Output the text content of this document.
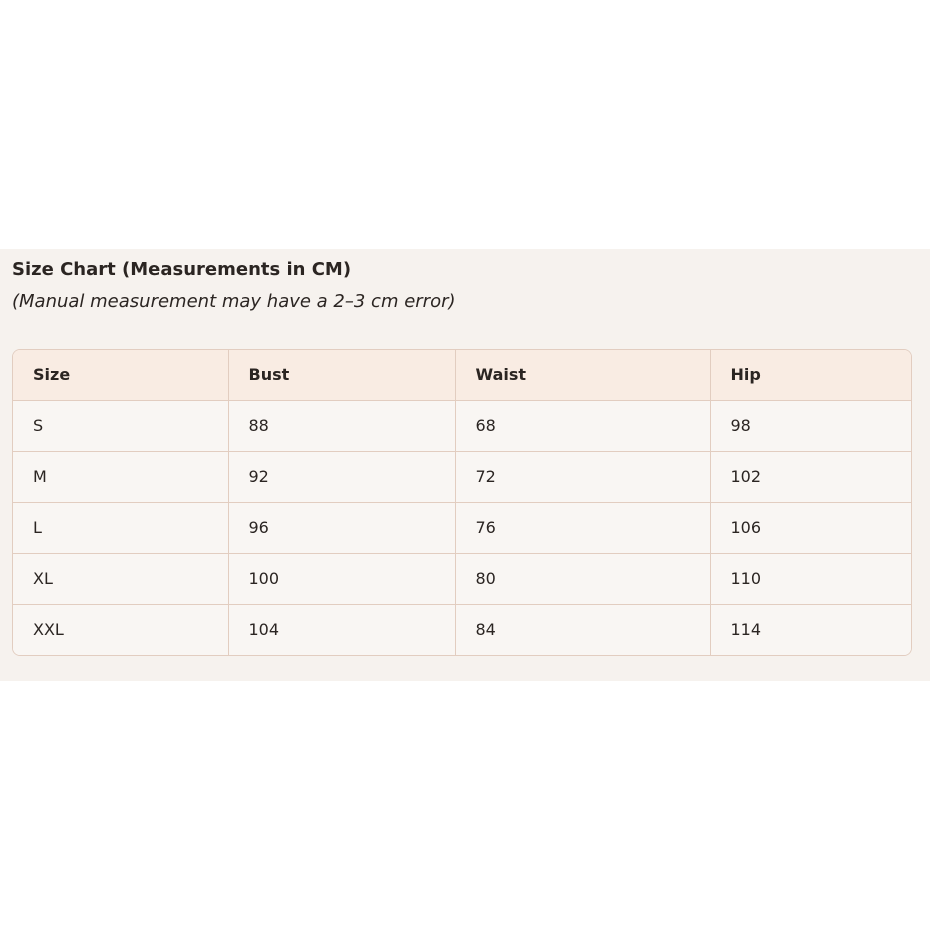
Size Chart (Measurements in CM)

(Manual measurement may have a 2–3 cm error)

Size	Bust	Waist	Hip
S	88	68	98
M	92	72	102
L	96	76	106
XL	100	80	110
XXL	104	84	114
